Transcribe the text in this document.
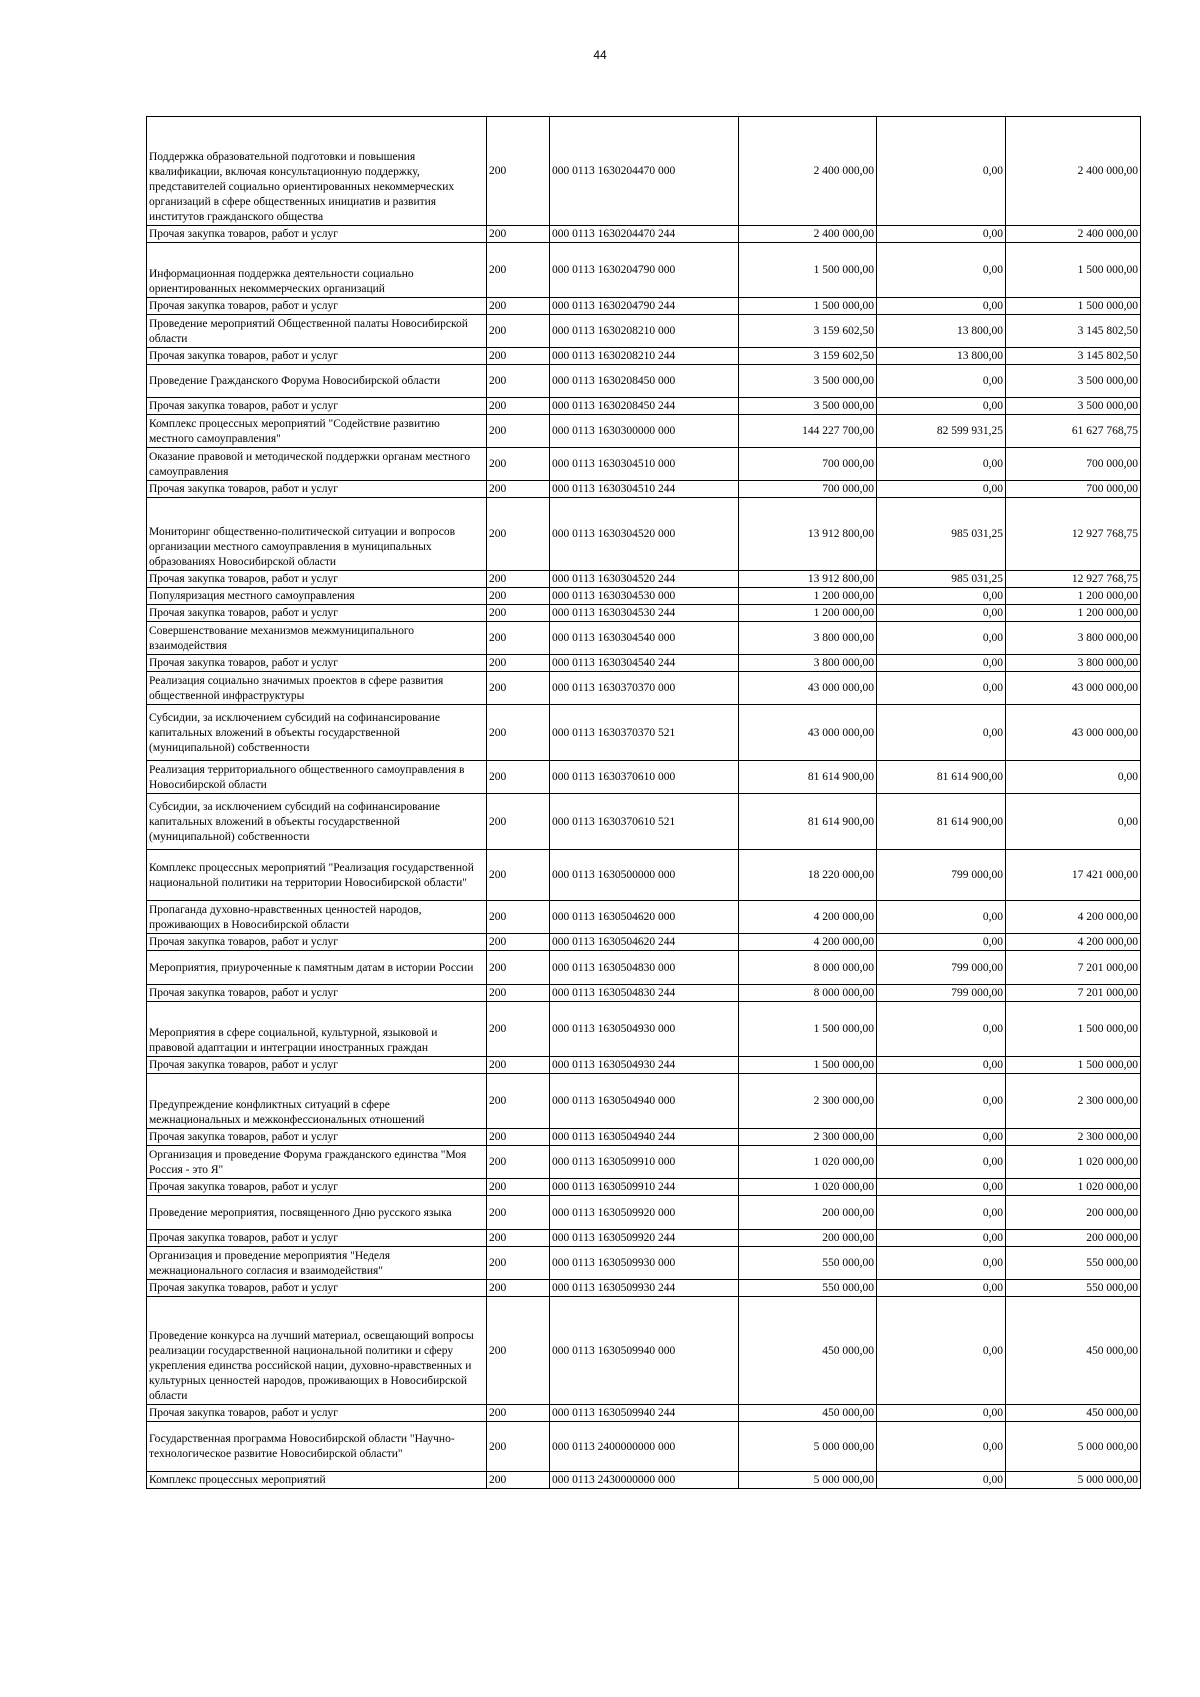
44
Поддержка образовательной подготовки и повышения квалификации, включая консультационную поддержку, представителей социально ориентированных некоммерческих организаций в сфере общественных инициатив и развития институтов гражданского общества	200	000 0113 1630204470 000	2 400 000,00	0,00	2 400 000,00
Прочая закупка товаров, работ и услуг	200	000 0113 1630204470 244	2 400 000,00	0,00	2 400 000,00
Информационная поддержка деятельности социально ориентированных некоммерческих организаций	200	000 0113 1630204790 000	1 500 000,00	0,00	1 500 000,00
Прочая закупка товаров, работ и услуг	200	000 0113 1630204790 244	1 500 000,00	0,00	1 500 000,00
Проведение мероприятий Общественной палаты Новосибирской области	200	000 0113 1630208210 000	3 159 602,50	13 800,00	3 145 802,50
Прочая закупка товаров, работ и услуг	200	000 0113 1630208210 244	3 159 602,50	13 800,00	3 145 802,50
Проведение Гражданского Форума Новосибирской области	200	000 0113 1630208450 000	3 500 000,00	0,00	3 500 000,00
Прочая закупка товаров, работ и услуг	200	000 0113 1630208450 244	3 500 000,00	0,00	3 500 000,00
Комплекс процессных мероприятий "Содействие развитию местного самоуправления"	200	000 0113 1630300000 000	144 227 700,00	82 599 931,25	61 627 768,75
Оказание правовой и методической поддержки органам местного самоуправления	200	000 0113 1630304510 000	700 000,00	0,00	700 000,00
Прочая закупка товаров, работ и услуг	200	000 0113 1630304510 244	700 000,00	0,00	700 000,00
Мониторинг общественно-политической ситуации и вопросов организации местного самоуправления в муниципальных образованиях Новосибирской области	200	000 0113 1630304520 000	13 912 800,00	985 031,25	12 927 768,75
Прочая закупка товаров, работ и услуг	200	000 0113 1630304520 244	13 912 800,00	985 031,25	12 927 768,75
Популяризация местного самоуправления	200	000 0113 1630304530 000	1 200 000,00	0,00	1 200 000,00
Прочая закупка товаров, работ и услуг	200	000 0113 1630304530 244	1 200 000,00	0,00	1 200 000,00
Совершенствование механизмов межмуниципального взаимодействия	200	000 0113 1630304540 000	3 800 000,00	0,00	3 800 000,00
Прочая закупка товаров, работ и услуг	200	000 0113 1630304540 244	3 800 000,00	0,00	3 800 000,00
Реализация социально значимых проектов в сфере развития общественной инфраструктуры	200	000 0113 1630370370 000	43 000 000,00	0,00	43 000 000,00
Субсидии, за исключением субсидий на софинансирование капитальных вложений в объекты государственной (муниципальной) собственности	200	000 0113 1630370370 521	43 000 000,00	0,00	43 000 000,00
Реализация территориального общественного самоуправления в Новосибирской области	200	000 0113 1630370610 000	81 614 900,00	81 614 900,00	0,00
Субсидии, за исключением субсидий на софинансирование капитальных вложений в объекты государственной (муниципальной) собственности	200	000 0113 1630370610 521	81 614 900,00	81 614 900,00	0,00
Комплекс процессных мероприятий "Реализация государственной национальной политики на территории Новосибирской области"	200	000 0113 1630500000 000	18 220 000,00	799 000,00	17 421 000,00
Пропаганда духовно-нравственных ценностей народов, проживающих в Новосибирской области	200	000 0113 1630504620 000	4 200 000,00	0,00	4 200 000,00
Прочая закупка товаров, работ и услуг	200	000 0113 1630504620 244	4 200 000,00	0,00	4 200 000,00
Мероприятия, приуроченные к памятным датам в истории России	200	000 0113 1630504830 000	8 000 000,00	799 000,00	7 201 000,00
Прочая закупка товаров, работ и услуг	200	000 0113 1630504830 244	8 000 000,00	799 000,00	7 201 000,00
Мероприятия в сфере социальной, культурной, языковой и правовой адаптации и интеграции иностранных граждан	200	000 0113 1630504930 000	1 500 000,00	0,00	1 500 000,00
Прочая закупка товаров, работ и услуг	200	000 0113 1630504930 244	1 500 000,00	0,00	1 500 000,00
Предупреждение конфликтных ситуаций в сфере межнациональных и межконфессиональных отношений	200	000 0113 1630504940 000	2 300 000,00	0,00	2 300 000,00
Прочая закупка товаров, работ и услуг	200	000 0113 1630504940 244	2 300 000,00	0,00	2 300 000,00
Организация и проведение Форума гражданского единства "Моя Россия - это Я"	200	000 0113 1630509910 000	1 020 000,00	0,00	1 020 000,00
Прочая закупка товаров, работ и услуг	200	000 0113 1630509910 244	1 020 000,00	0,00	1 020 000,00
Проведение мероприятия, посвященного Дню русского языка	200	000 0113 1630509920 000	200 000,00	0,00	200 000,00
Прочая закупка товаров, работ и услуг	200	000 0113 1630509920 244	200 000,00	0,00	200 000,00
Организация и проведение мероприятия "Неделя межнационального согласия и взаимодействия"	200	000 0113 1630509930 000	550 000,00	0,00	550 000,00
Прочая закупка товаров, работ и услуг	200	000 0113 1630509930 244	550 000,00	0,00	550 000,00
Проведение конкурса на лучший материал, освещающий вопросы реализации государственной национальной политики и сферу укрепления единства российской нации, духовно-нравственных и культурных ценностей народов, проживающих в Новосибирской области	200	000 0113 1630509940 000	450 000,00	0,00	450 000,00
Прочая закупка товаров, работ и услуг	200	000 0113 1630509940 244	450 000,00	0,00	450 000,00
Государственная программа Новосибирской области "Научно-технологическое развитие Новосибирской области"	200	000 0113 2400000000 000	5 000 000,00	0,00	5 000 000,00
Комплекс процессных мероприятий	200	000 0113 2430000000 000	5 000 000,00	0,00	5 000 000,00
